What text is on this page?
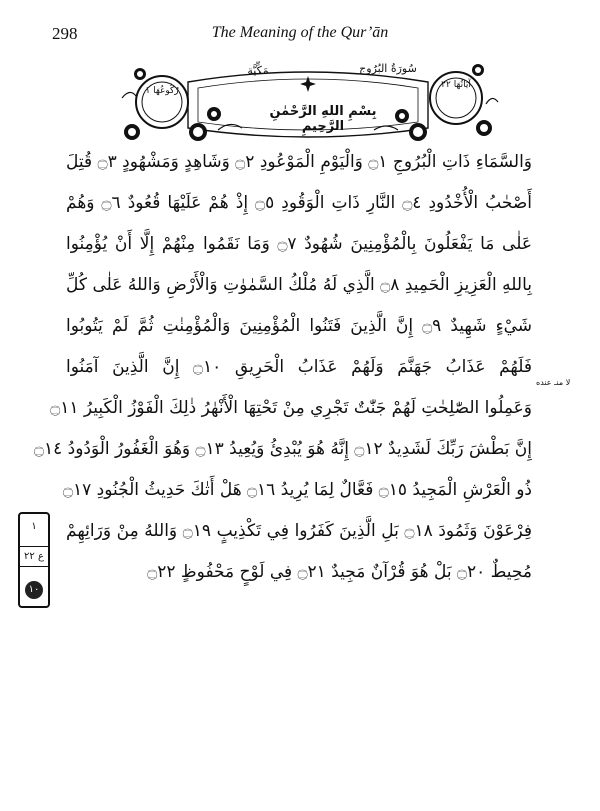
298	The Meaning of the Qur’ān
سُورَةُ البُرُوج
مَكِّيَّة
بِسْمِ اللهِ الرَّحْمٰنِ الرَّحِيمِ
رُكُوعُهَا ١
آيَاتُهَا ٢٢
وَالسَّمَاءِ ذَاتِ الْبُرُوجِ ۝١ وَالْيَوْمِ الْمَوْعُودِ ۝٢ وَشَاهِدٍ وَمَشْهُودٍ ۝٣ قُتِلَ
أَصْحٰبُ الْأُخْدُودِ ۝٤ النَّارِ ذَاتِ الْوَقُودِ ۝٥ إِذْ هُمْ عَلَيْهَا قُعُودٌ ۝٦ وَهُمْ
عَلٰى مَا يَفْعَلُونَ بِالْمُؤْمِنِينَ شُهُودٌ ۝٧ وَمَا نَقَمُوا مِنْهُمْ إِلَّا أَنْ يُؤْمِنُوا
بِاللهِ الْعَزِيزِ الْحَمِيدِ ۝٨ الَّذِي لَهُ مُلْكُ السَّمٰوٰتِ وَالْأَرْضِ وَاللهُ عَلٰى كُلِّ
شَيْءٍ شَهِيدٌ ۝٩ إِنَّ الَّذِينَ فَتَنُوا الْمُؤْمِنِينَ وَالْمُؤْمِنٰتِ ثُمَّ لَمْ يَتُوبُوا
فَلَهُمْ عَذَابُ جَهَنَّمَ وَلَهُمْ عَذَابُ الْحَرِيقِ ۝١٠ إِنَّ الَّذِينَ آمَنُوا
وَعَمِلُوا الصّٰلِحٰتِ لَهُمْ جَنّٰتٌ تَجْرِي مِنْ تَحْتِهَا الْأَنْهٰرُ ذٰلِكَ الْفَوْزُ الْكَبِيرُ ۝١١
إِنَّ بَطْشَ رَبِّكَ لَشَدِيدٌ ۝١٢ إِنَّهُ هُوَ يُبْدِئُ وَيُعِيدُ ۝١٣ وَهُوَ الْغَفُورُ الْوَدُودُ ۝١٤
ذُو الْعَرْشِ الْمَجِيدُ ۝١٥ فَعَّالٌ لِمَا يُرِيدُ ۝١٦ هَلْ أَتٰكَ حَدِيثُ الْجُنُودِ ۝١٧
فِرْعَوْنَ وَثَمُودَ ۝١٨ بَلِ الَّذِينَ كَفَرُوا فِي تَكْذِيبٍ ۝١٩ وَاللهُ مِنْ وَرَائِهِمْ
مُحِيطٌ ۝٢٠ بَلْ هُوَ قُرْآنٌ مَجِيدٌ ۝٢١ فِي لَوْحٍ مَحْفُوظٍ ۝٢٢
لا منـ عنده
١
ع ٢٢
١٠
